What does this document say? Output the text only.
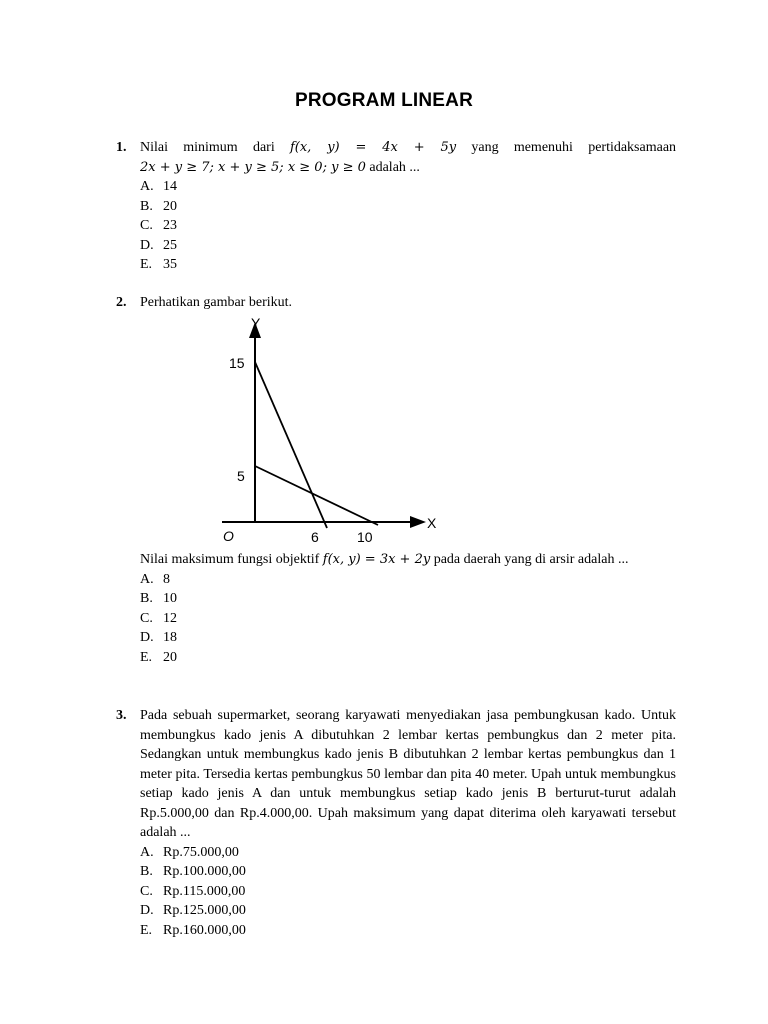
PROGRAM LINEAR
1. Nilai minimum dari f(x, y) = 4x + 5y yang memenuhi pertidaksamaan
2x + y ≥ 7; x + y ≥ 5; x ≥ 0; y ≥ 0 adalah ...
A. 14
B. 20
C. 23
D. 25
E. 35
2. Perhatikan gambar berikut.
Y
X
O
15
5
6	10
Nilai maksimum fungsi objektif f(x, y) = 3x + 2y pada daerah yang di arsir adalah ...
A. 8
B. 10
C. 12
D. 18
E. 20
3. Pada sebuah supermarket, seorang karyawati menyediakan jasa pembungkusan kado. Untuk membungkus kado jenis A dibutuhkan 2 lembar kertas pembungkus dan 2 meter pita. Sedangkan untuk membungkus kado jenis B dibutuhkan 2 lembar kertas pembungkus dan 1 meter pita. Tersedia kertas pembungkus 50 lembar dan pita 40 meter. Upah untuk membungkus setiap kado jenis A dan untuk membungkus setiap kado jenis B berturut-turut adalah Rp.5.000,00 dan Rp.4.000,00. Upah maksimum yang dapat diterima oleh karyawati tersebut adalah ...
A. Rp.75.000,00
B. Rp.100.000,00
C. Rp.115.000,00
D. Rp.125.000,00
E. Rp.160.000,00
